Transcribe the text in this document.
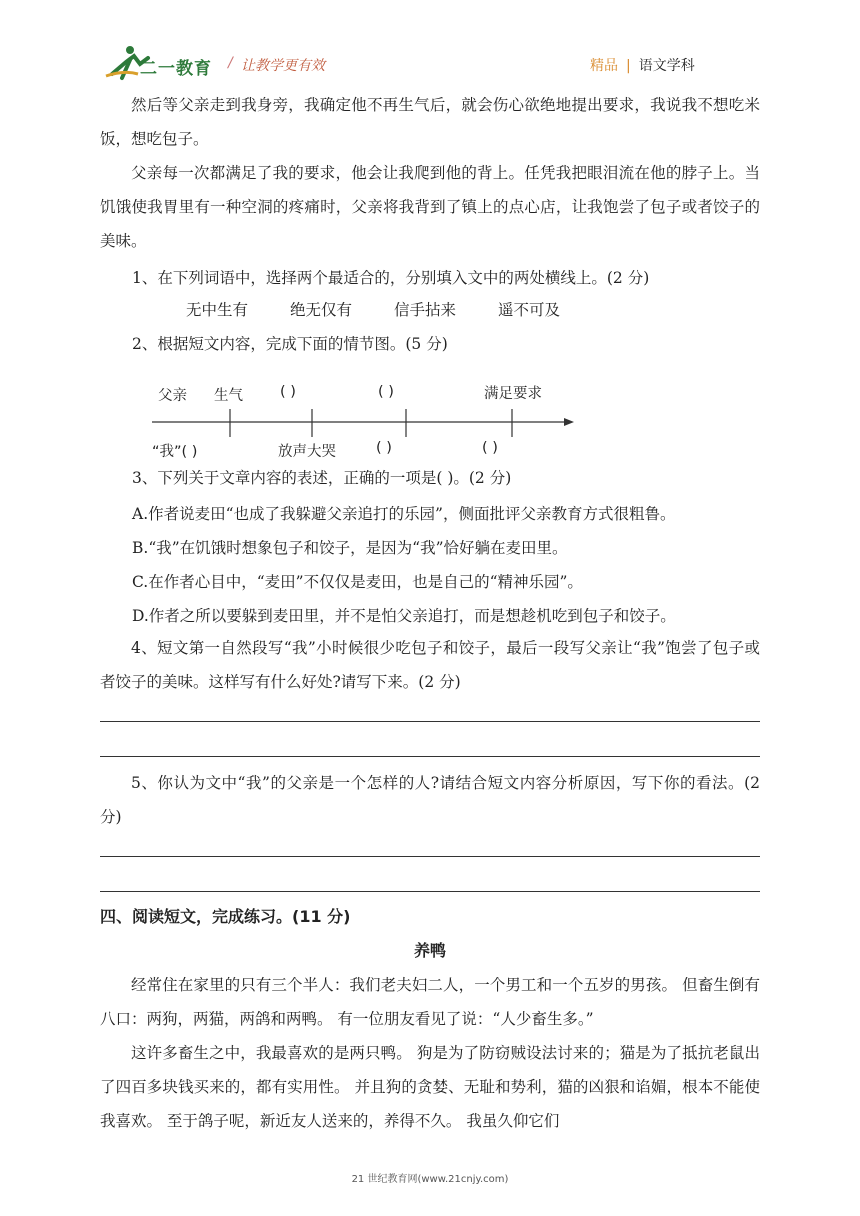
二一教育 / 让教学更有效	精品 | 语文学科

然后等父亲走到我身旁，我确定他不再生气后，就会伤心欲绝地提出要求，我说我不想吃米饭，想吃包子。

父亲每一次都满足了我的要求，他会让我爬到他的背上。任凭我把眼泪流在他的脖子上。当饥饿使我胃里有一种空洞的疼痛时，父亲将我背到了镇上的点心店，让我饱尝了包子或者饺子的美味。

1、在下列词语中，选择两个最适合的，分别填入文中的两处横线上。(2 分)
无中生有	绝无仅有	信手拈来	遥不可及
2、根据短文内容，完成下面的情节图。(5 分)
父亲 生气	( )	( )	满足要求
“我”( )	放声大哭	( )	( )
3、下列关于文章内容的表述，正确的一项是( )。(2 分)
A.作者说麦田“也成了我躲避父亲追打的乐园”，侧面批评父亲教育方式很粗鲁。
B.“我”在饥饿时想象包子和饺子，是因为“我”恰好躺在麦田里。
C.在作者心目中，“麦田”不仅仅是麦田，也是自己的“精神乐园”。
D.作者之所以要躲到麦田里，并不是怕父亲追打，而是想趁机吃到包子和饺子。

4、短文第一自然段写“我”小时候很少吃包子和饺子，最后一段写父亲让“我”饱尝了包子或者饺子的美味。这样写有什么好处?请写下来。(2 分)

5、你认为文中“我”的父亲是一个怎样的人?请结合短文内容分析原因，写下你的看法。(2 分)

四、阅读短文，完成练习。(11 分)
养鸭

经常住在家里的只有三个半人：我们老夫妇二人，一个男工和一个五岁的男孩。 但畜生倒有八口：两狗，两猫，两鸽和两鸭。 有一位朋友看见了说：“人少畜生多。”

这许多畜生之中，我最喜欢的是两只鸭。 狗是为了防窃贼设法讨来的；猫是为了抵抗老鼠出了四百多块钱买来的，都有实用性。 并且狗的贪婪、无耻和势利，猫的凶狠和谄媚，根本不能使我喜欢。 至于鸽子呢，新近友人送来的，养得不久。 我虽久仰它们

21 世纪教育网(www.21cnjy.com)
